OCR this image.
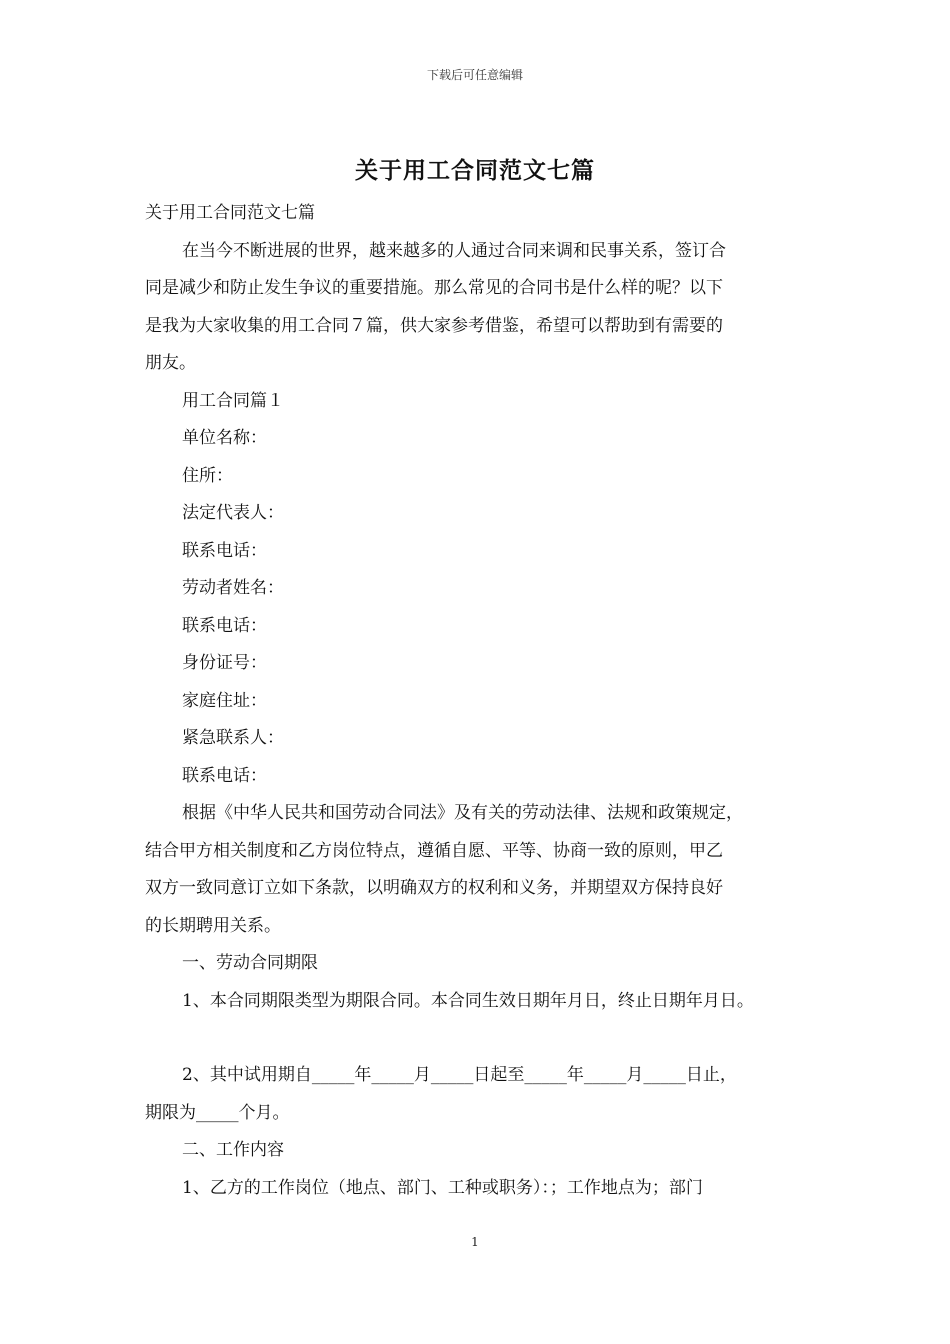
下载后可任意编辑
关于用工合同范文七篇
关于用工合同范文七篇
在当今不断进展的世界，越来越多的人通过合同来调和民事关系，签订合
同是减少和防止发生争议的重要措施。那么常见的合同书是什么样的呢？以下
是我为大家收集的用工合同７篇，供大家参考借鉴，希望可以帮助到有需要的
朋友。
用工合同篇１
单位名称：
住所：
法定代表人：
联系电话：
劳动者姓名：
联系电话：
身份证号：
家庭住址：
紧急联系人：
联系电话：
根据《中华人民共和国劳动合同法》及有关的劳动法律、法规和政策规定，
结合甲方相关制度和乙方岗位特点，遵循自愿、平等、协商一致的原则，甲乙
双方一致同意订立如下条款，以明确双方的权利和义务，并期望双方保持良好
的长期聘用关系。
一、劳动合同期限
1、本合同期限类型为期限合同。本合同生效日期年月日，终止日期年月日。
2、其中试用期自_____年_____月_____日起至_____年_____月_____日止，
期限为_____个月。
二、工作内容
1、乙方的工作岗位（地点、部门、工种或职务）：；工作地点为；部门
1
